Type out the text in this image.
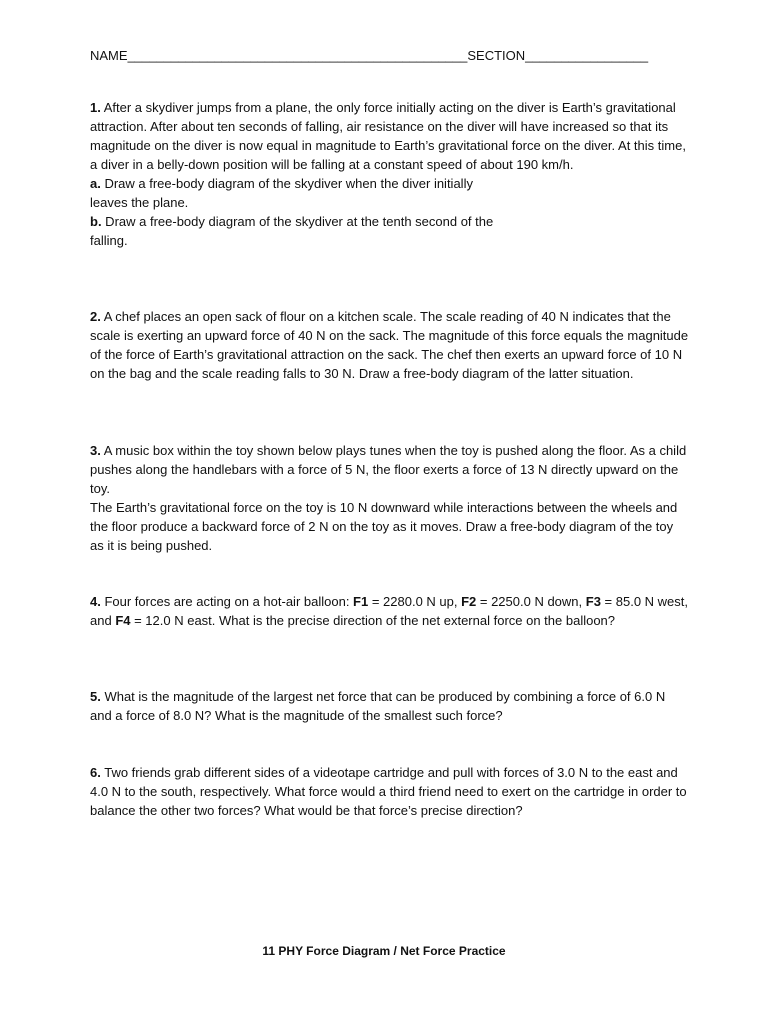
NAME_______________________________________________SECTION_________________

1. After a skydiver jumps from a plane, the only force initially acting on the diver is Earth’s gravitational attraction. After about ten seconds of falling, air resistance on the diver will have increased so that its magnitude on the diver is now equal in magnitude to Earth’s gravitational force on the diver. At this time, a diver in a belly-down position will be falling at a constant speed of about 190 km/h.

a. Draw a free-body diagram of the skydiver when the diver initially leaves the plane.

b. Draw a free-body diagram of the skydiver at the tenth second of the falling.

2. A chef places an open sack of flour on a kitchen scale. The scale reading of 40 N indicates that the scale is exerting an upward force of 40 N on the sack. The magnitude of this force equals the magnitude of the force of Earth’s gravitational attraction on the sack. The chef then exerts an upward force of 10 N on the bag and the scale reading falls to 30 N. Draw a free-body diagram of the latter situation.

3. A music box within the toy shown below plays tunes when the toy is pushed along the floor. As a child pushes along the handlebars with a force of 5 N, the floor exerts a force of 13 N directly upward on the toy.

The Earth’s gravitational force on the toy is 10 N downward while interactions between the wheels and the floor produce a backward force of 2 N on the toy as it moves. Draw a free-body diagram of the toy as it is being pushed.

4. Four forces are acting on a hot-air balloon: F1 = 2280.0 N up, F2 = 2250.0 N down, F3 = 85.0 N west, and F4 = 12.0 N east. What is the precise direction of the net external force on the balloon?

5. What is the magnitude of the largest net force that can be produced by combining a force of 6.0 N and a force of 8.0 N? What is the magnitude of the smallest such force?

6. Two friends grab different sides of a videotape cartridge and pull with forces of 3.0 N to the east and 4.0 N to the south, respectively. What force would a third friend need to exert on the cartridge in order to balance the other two forces? What would be that force’s precise direction?

11 PHY Force Diagram / Net Force Practice
